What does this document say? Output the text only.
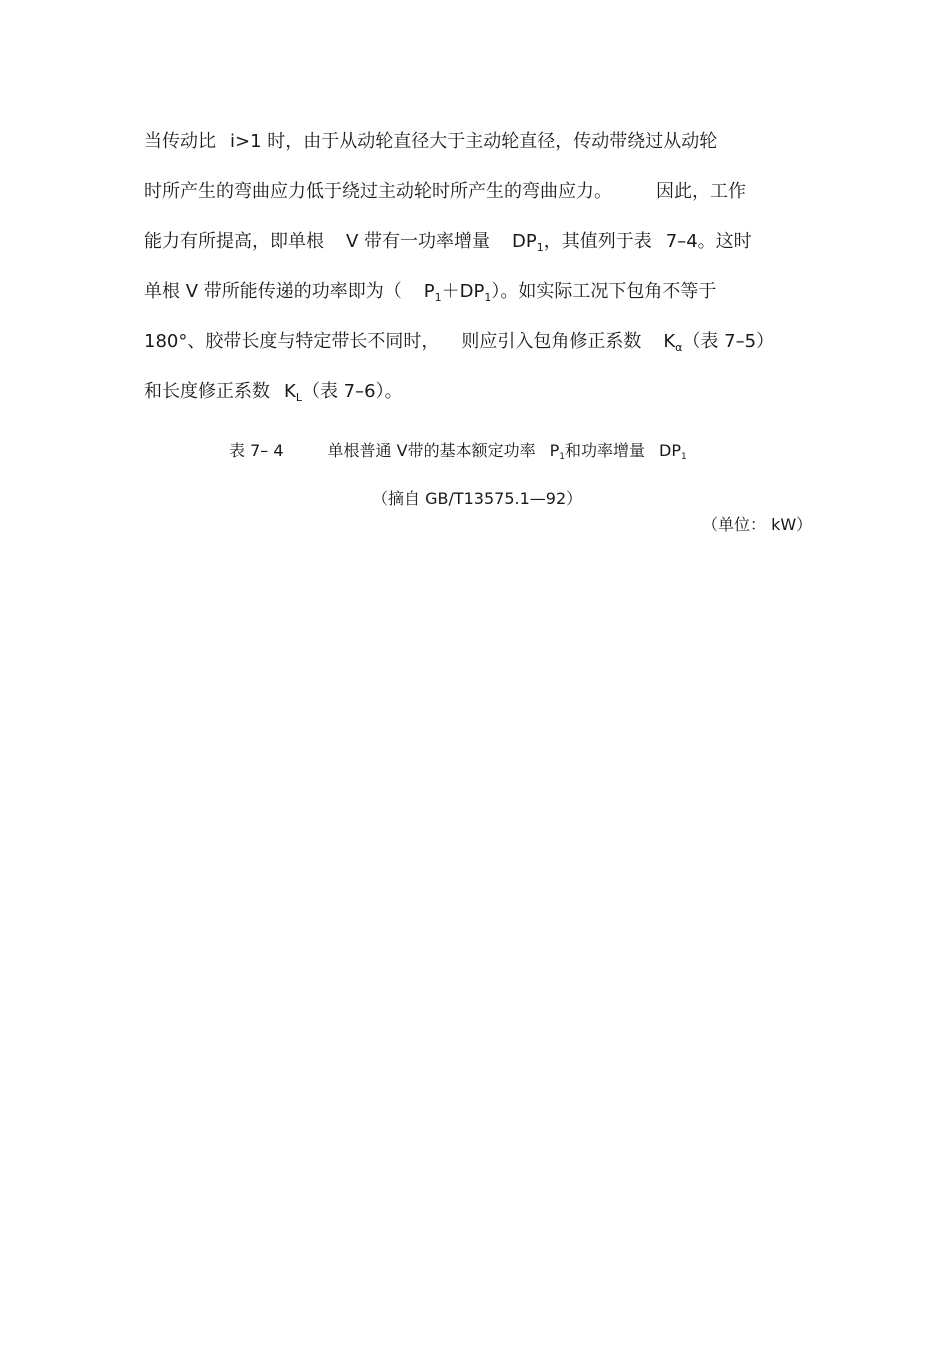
当传动比 i>1 时，由于从动轮直径大于主动轮直径，传动带绕过从动轮
时所产生的弯曲应力低于绕过主动轮时所产生的弯曲应力。 因此，工作
能力有所提高，即单根 V 带有一功率增量 $DP_1$，其值列于表 7–4。这时
单根 V 带所能传递的功率即为（ $P_1+DP_1$）。如实际工况下包角不等于
180°、胶带长度与特定带长不同时， 则应引入包角修正系数 $K_\alpha$（表 7–5）
和长度修正系数 $K_L$（表 7–6）。
表 7– 4	单根普通 V带的基本额定功率 $P_1$和功率增量 $DP_1$
（摘自 GB/T13575.1—92）
（单位： kW）
